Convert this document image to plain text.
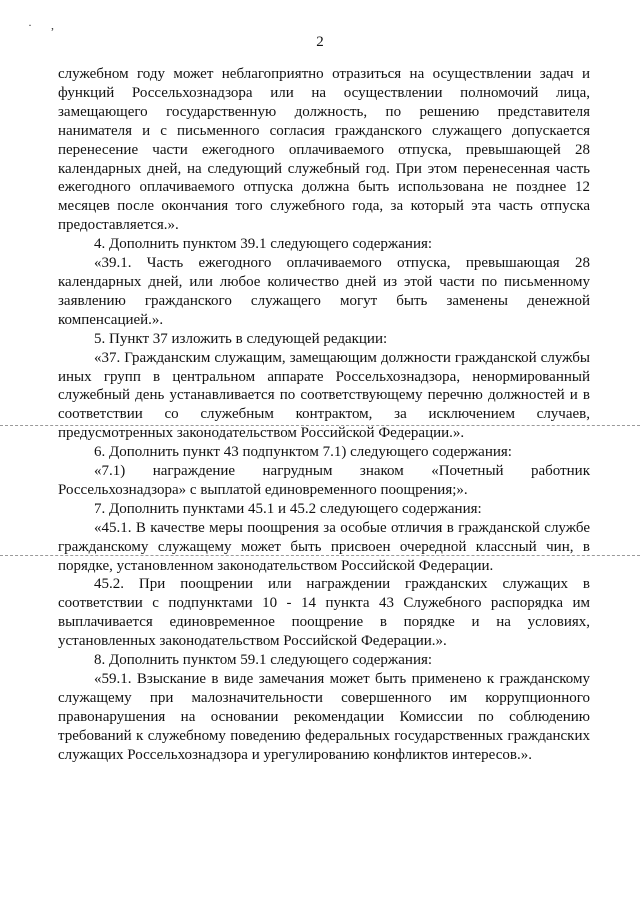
· ,
2

служебном году может неблагоприятно отразиться на осуществлении задач и функций Россельхознадзора или на осуществлении полномочий лица, замещающего государственную должность, по решению представителя нанимателя и с письменного согласия гражданского служащего допускается перенесение части ежегодного оплачиваемого отпуска, превышающей 28 календарных дней, на следующий служебный год. При этом перенесенная часть ежегодного оплачиваемого отпуска должна быть использована не позднее 12 месяцев после окончания того служебного года, за который эта часть отпуска предоставляется.».

4. Дополнить пунктом 39.1 следующего содержания:

«39.1. Часть ежегодного оплачиваемого отпуска, превышающая 28 календарных дней, или любое количество дней из этой части по письменному заявлению гражданского служащего могут быть заменены денежной компенсацией.».

5. Пункт 37 изложить в следующей редакции:

«37. Гражданским служащим, замещающим должности гражданской службы иных групп в центральном аппарате Россельхознадзора, ненормированный служебный день устанавливается по соответствующему перечню должностей и в соответствии со служебным контрактом, за исключением случаев, предусмотренных законодательством Российской Федерации.».

6. Дополнить пункт 43 подпунктом 7.1) следующего содержания:

«7.1) награждение нагрудным знаком «Почетный работник Россельхознадзора» с выплатой единовременного поощрения;».

7. Дополнить пунктами 45.1 и 45.2 следующего содержания:

«45.1. В качестве меры поощрения за особые отличия в гражданской службе гражданскому служащему может быть присвоен очередной классный чин, в порядке, установленном законодательством Российской Федерации.

45.2. При поощрении или награждении гражданских служащих в соответствии с подпунктами 10 - 14 пункта 43 Служебного распорядка им выплачивается единовременное поощрение в порядке и на условиях, установленных законодательством Российской Федерации.».

8. Дополнить пунктом 59.1 следующего содержания:

«59.1. Взыскание в виде замечания может быть применено к гражданскому служащему при малозначительности совершенного им коррупционного правонарушения на основании рекомендации Комиссии по соблюдению требований к служебному поведению федеральных государственных гражданских служащих Россельхознадзора и урегулированию конфликтов интересов.».
